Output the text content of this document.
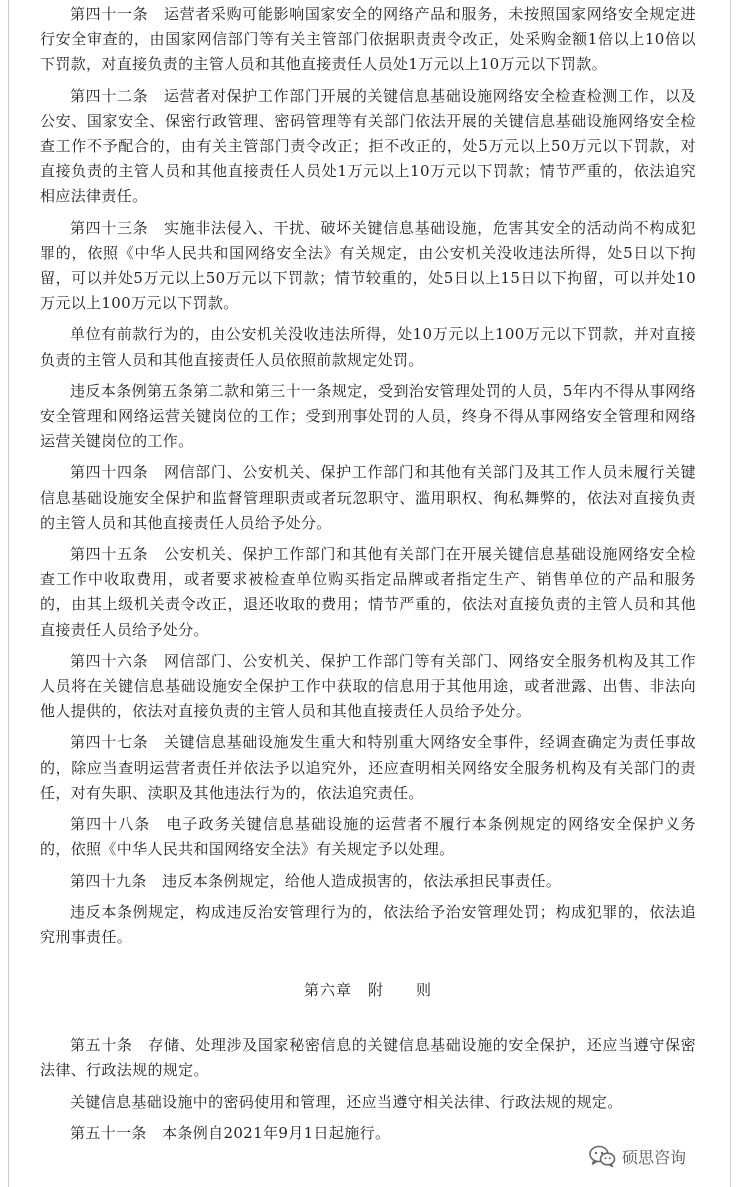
第四十一条　运营者采购可能影响国家安全的网络产品和服务，未按照国家网络安全规定进行安全审查的，由国家网信部门等有关主管部门依据职责责令改正，处采购金额1倍以上10倍以下罚款，对直接负责的主管人员和其他直接责任人员处1万元以上10万元以下罚款。

第四十二条　运营者对保护工作部门开展的关键信息基础设施网络安全检查检测工作，以及公安、国家安全、保密行政管理、密码管理等有关部门依法开展的关键信息基础设施网络安全检查工作不予配合的，由有关主管部门责令改正；拒不改正的，处5万元以上50万元以下罚款，对直接负责的主管人员和其他直接责任人员处1万元以上10万元以下罚款；情节严重的，依法追究相应法律责任。

第四十三条　实施非法侵入、干扰、破坏关键信息基础设施，危害其安全的活动尚不构成犯罪的，依照《中华人民共和国网络安全法》有关规定，由公安机关没收违法所得，处5日以下拘留，可以并处5万元以上50万元以下罚款；情节较重的，处5日以上15日以下拘留，可以并处10万元以上100万元以下罚款。

单位有前款行为的，由公安机关没收违法所得，处10万元以上100万元以下罚款，并对直接负责的主管人员和其他直接责任人员依照前款规定处罚。

违反本条例第五条第二款和第三十一条规定，受到治安管理处罚的人员，5年内不得从事网络安全管理和网络运营关键岗位的工作；受到刑事处罚的人员，终身不得从事网络安全管理和网络运营关键岗位的工作。

第四十四条　网信部门、公安机关、保护工作部门和其他有关部门及其工作人员未履行关键信息基础设施安全保护和监督管理职责或者玩忽职守、滥用职权、徇私舞弊的，依法对直接负责的主管人员和其他直接责任人员给予处分。

第四十五条　公安机关、保护工作部门和其他有关部门在开展关键信息基础设施网络安全检查工作中收取费用，或者要求被检查单位购买指定品牌或者指定生产、销售单位的产品和服务的，由其上级机关责令改正，退还收取的费用；情节严重的，依法对直接负责的主管人员和其他直接责任人员给予处分。

第四十六条　网信部门、公安机关、保护工作部门等有关部门、网络安全服务机构及其工作人员将在关键信息基础设施安全保护工作中获取的信息用于其他用途，或者泄露、出售、非法向他人提供的，依法对直接负责的主管人员和其他直接责任人员给予处分。

第四十七条　关键信息基础设施发生重大和特别重大网络安全事件，经调查确定为责任事故的，除应当查明运营者责任并依法予以追究外，还应查明相关网络安全服务机构及有关部门的责任，对有失职、渎职及其他违法行为的，依法追究责任。

第四十八条　电子政务关键信息基础设施的运营者不履行本条例规定的网络安全保护义务的，依照《中华人民共和国网络安全法》有关规定予以处理。

第四十九条　违反本条例规定，给他人造成损害的，依法承担民事责任。

违反本条例规定，构成违反治安管理行为的，依法给予治安管理处罚；构成犯罪的，依法追究刑事责任。

第六章　附　　则

第五十条　存储、处理涉及国家秘密信息的关键信息基础设施的安全保护，还应当遵守保密法律、行政法规的规定。

关键信息基础设施中的密码使用和管理，还应当遵守相关法律、行政法规的规定。

第五十一条　本条例自2021年9月1日起施行。

硕思咨询
